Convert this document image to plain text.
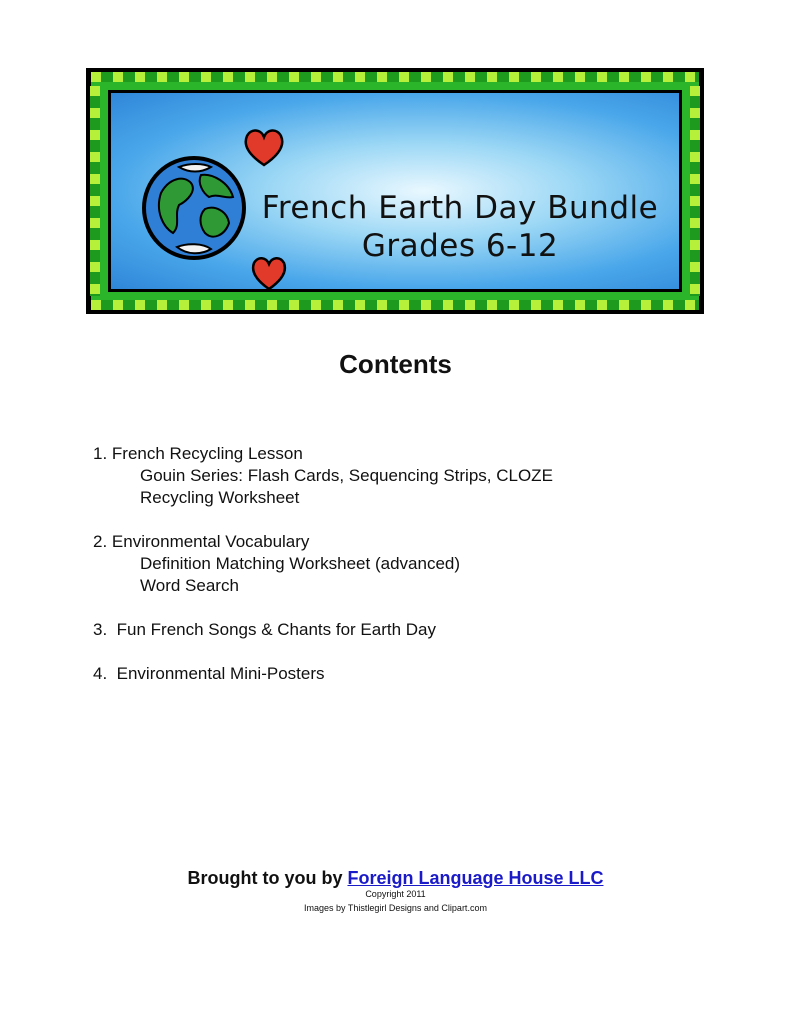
French Earth Day Bundle
Grades 6-12
Contents
1. French Recycling Lesson
Gouin Series: Flash Cards, Sequencing Strips, CLOZE
Recycling Worksheet
2. Environmental Vocabulary
Definition Matching Worksheet (advanced)
Word Search
3. Fun French Songs & Chants for Earth Day
4. Environmental Mini-Posters
Brought to you by Foreign Language House LLC
Copyright 2011
Images by Thistlegirl Designs and Clipart.com
